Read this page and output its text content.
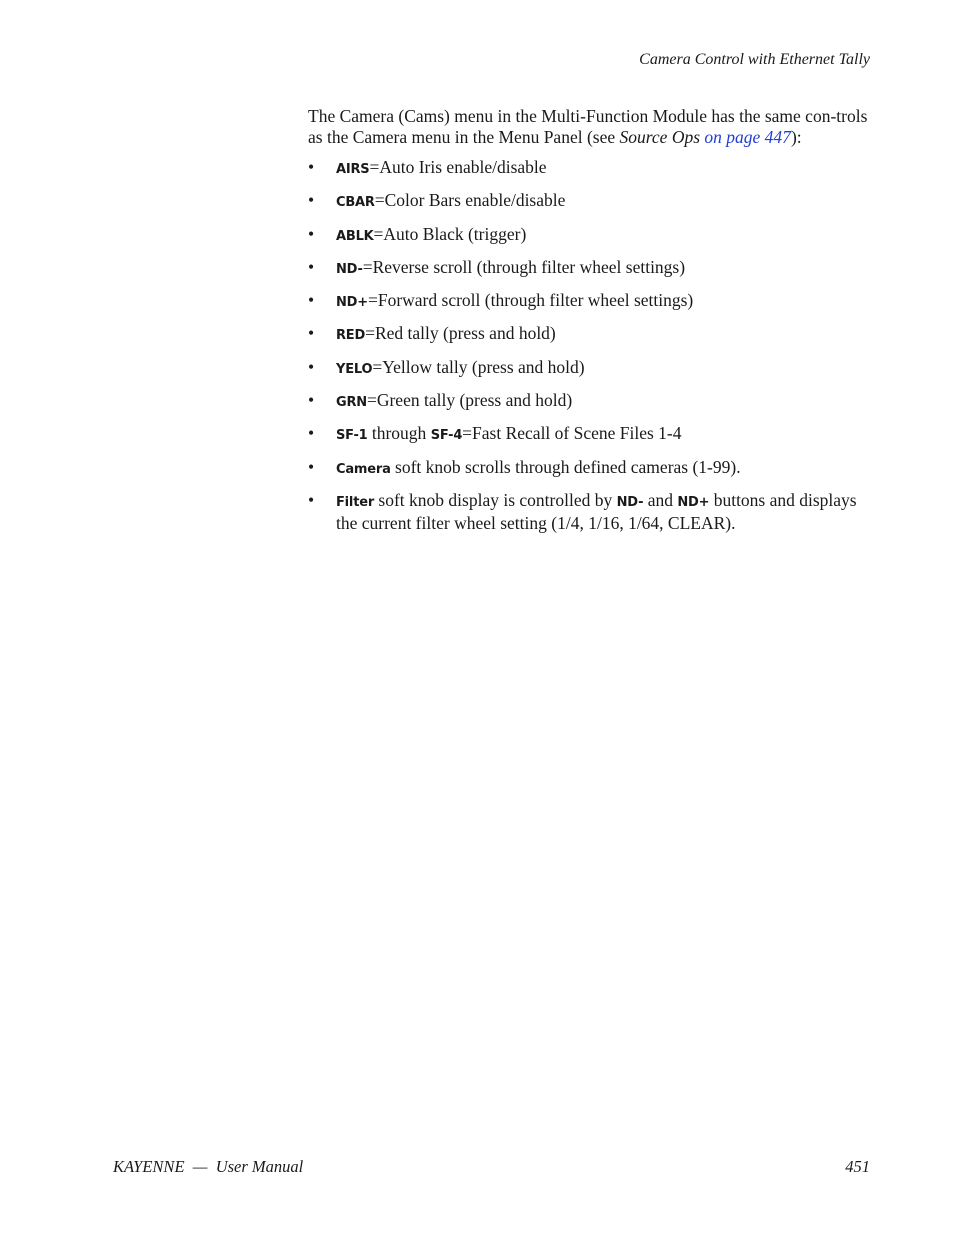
Camera Control with Ethernet Tally

The Camera (Cams) menu in the Multi-Function Module has the same con-trols as the Camera menu in the Menu Panel (see Source Ops on page 447):

• AIRS=Auto Iris enable/disable
• CBAR=Color Bars enable/disable
• ABLK=Auto Black (trigger)
• ND-=Reverse scroll (through filter wheel settings)
• ND+=Forward scroll (through filter wheel settings)
• RED=Red tally (press and hold)
• YELO=Yellow tally (press and hold)
• GRN=Green tally (press and hold)
• SF-1 through SF-4=Fast Recall of Scene Files 1-4
• Camera soft knob scrolls through defined cameras (1-99).
• Filter soft knob display is controlled by ND- and ND+ buttons and displays the current filter wheel setting (1/4, 1/16, 1/64, CLEAR).
KAYENNE  —  User Manual	451
